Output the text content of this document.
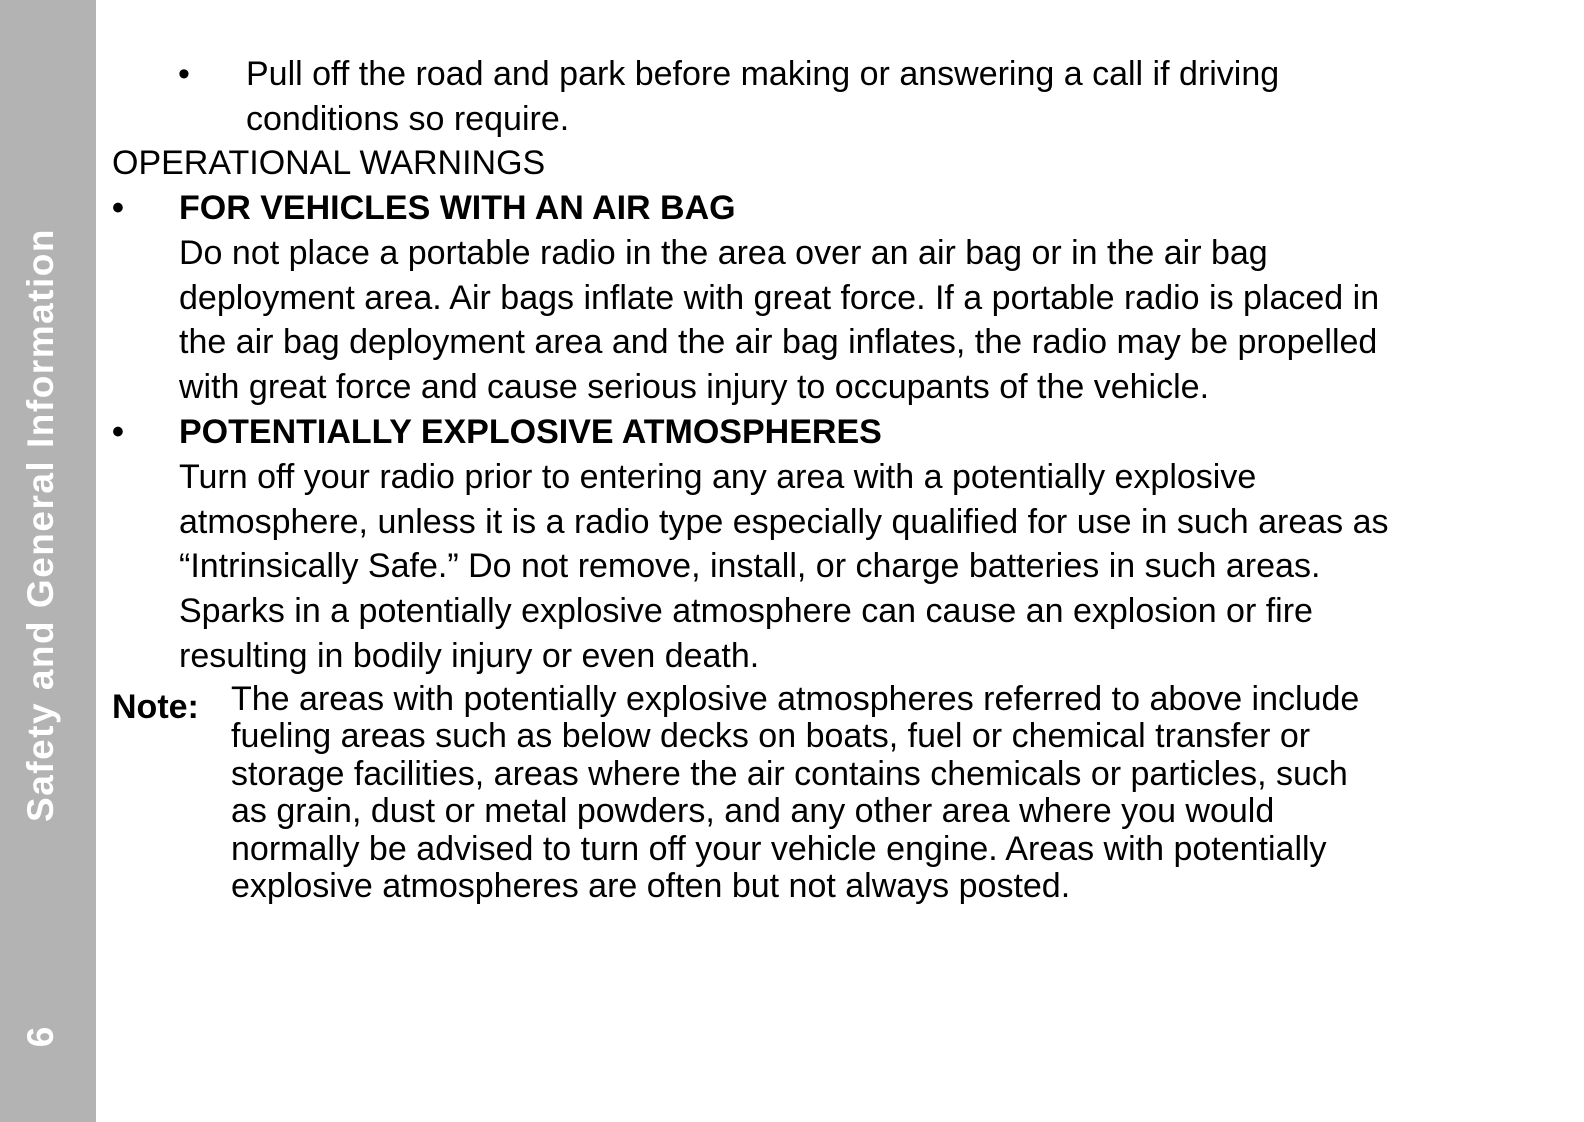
Safety and General Information
6
• Pull off the road and park before making or answering a call if driving
conditions so require.
OPERATIONAL WARNINGS
• FOR VEHICLES WITH AN AIR BAG
Do not place a portable radio in the area over an air bag or in the air bag
deployment area. Air bags inflate with great force. If a portable radio is placed in
the air bag deployment area and the air bag inflates, the radio may be propelled
with great force and cause serious injury to occupants of the vehicle.
• POTENTIALLY EXPLOSIVE ATMOSPHERES
Turn off your radio prior to entering any area with a potentially explosive
atmosphere, unless it is a radio type especially qualified for use in such areas as
“Intrinsically Safe.” Do not remove, install, or charge batteries in such areas.
Sparks in a potentially explosive atmosphere can cause an explosion or fire
resulting in bodily injury or even death.
Note: The areas with potentially explosive atmospheres referred to above include
fueling areas such as below decks on boats, fuel or chemical transfer or
storage facilities, areas where the air contains chemicals or particles, such
as grain, dust or metal powders, and any other area where you would
normally be advised to turn off your vehicle engine. Areas with potentially
explosive atmospheres are often but not always posted.
